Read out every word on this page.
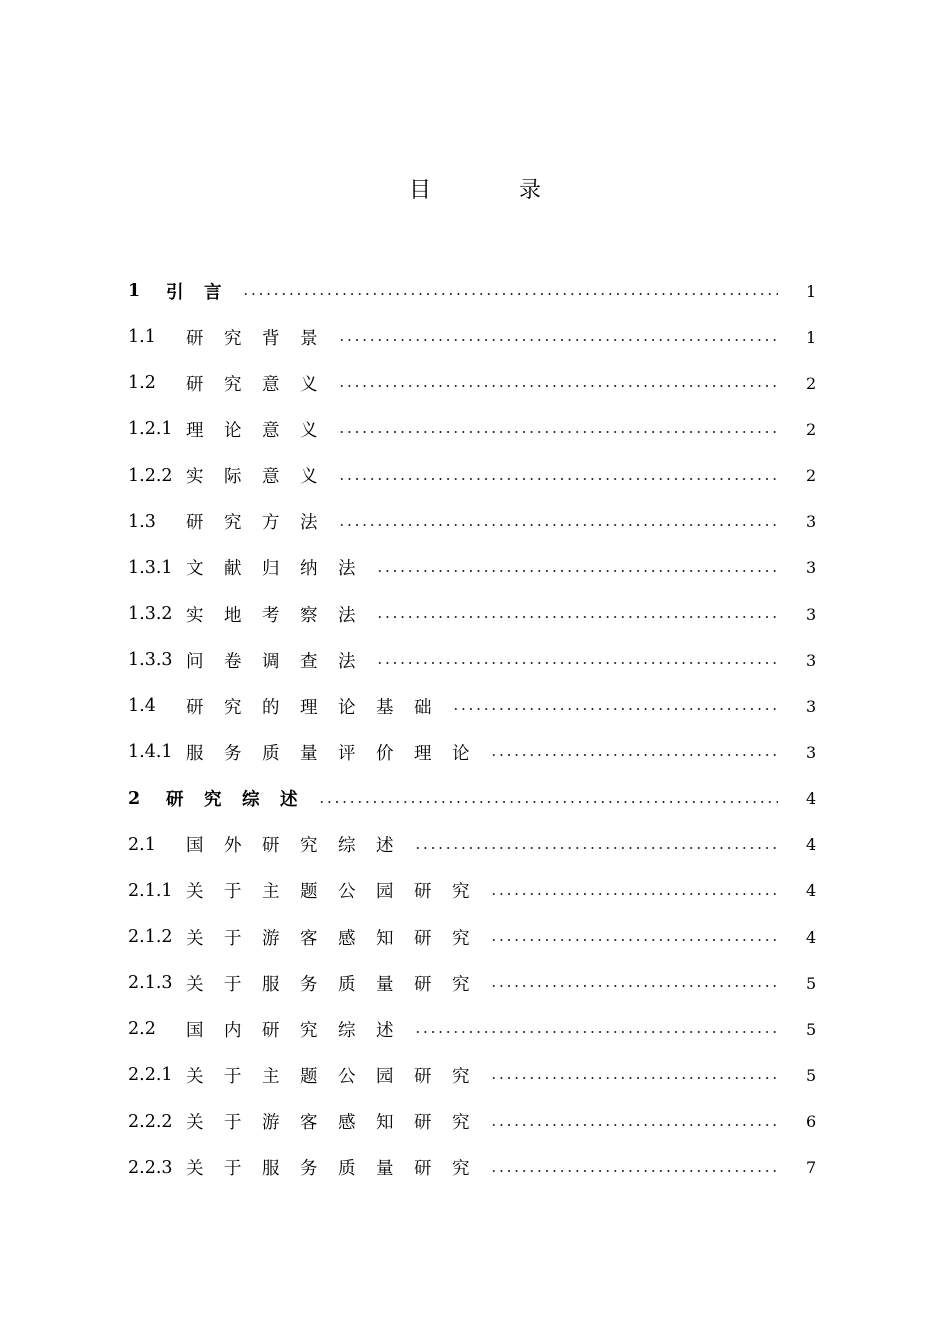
目录
1	引言	1
1.1	研究背景	1
1.2	研究意义	2
1.2.1 理论意义	2
1.2.2 实际意义	2
1.3	研究方法	3
1.3.1 文献归纳法	3
1.3.2 实地考察法	3
1.3.3 问卷调查法	3
1.4	研究的理论基础	3
1.4.1 服务质量评价理论	3
2	研究综述	4
2.1	国外研究综述	4
2.1.1 关于主题公园研究	4
2.1.2 关于游客感知研究	4
2.1.3 关于服务质量研究	5
2.2	国内研究综述	5
2.2.1 关于主题公园研究	5
2.2.2 关于游客感知研究	6
2.2.3 关于服务质量研究	7
